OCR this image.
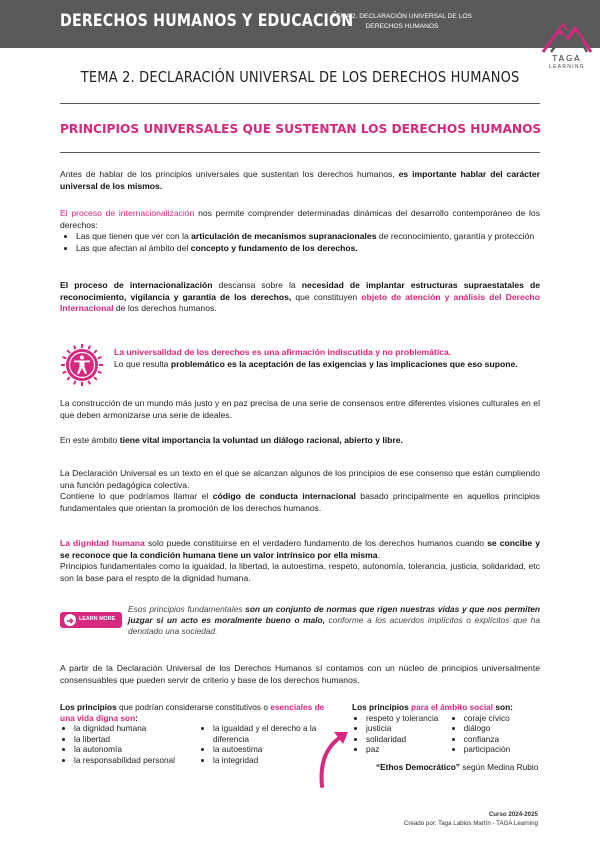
DERECHOS HUMANOS Y EDUCACIÓN
TEMA 2. DECLARACIÓN UNIVERSAL DE LOS DERECHOS HUMANOS
TAGA
LEARNING
TEMA 2. DECLARACIÓN UNIVERSAL DE LOS DERECHOS HUMANOS
PRINCIPIOS UNIVERSALES QUE SUSTENTAN LOS DERECHOS HUMANOS
Antes de hablar de los principios universales que sustentan los derechos humanos, es importante hablar del carácter universal de los mismos.

El proceso de internacionalización nos permite comprender determinadas dinámicas del desarrollo contemporáneo de los derechos:

• Las que tienen que ver con la articulación de mecanismos supranacionales de reconocimiento, garantía y protección
• Las que afectan al ámbito del concepto y fundamento de los derechos.
El proceso de internacionalización descansa sobre la necesidad de implantar estructuras supraestatales de reconocimiento, vigilancia y garantía de los derechos, que constituyen objeto de atención y análisis del Derecho Internacional de los derechos humanos.

La universalidad de los derechos es una afirmación indiscutida y no problemática.

Lo que resulta problemático es la aceptación de las exigencias y las implicaciones que eso supone.

La construcción de un mundo más justo y en paz precisa de una serie de consensos entre diferentes visiones culturales en el que deben armonizarse una serie de ideales.
En este ámbito tiene vital importancia la voluntad un diálogo racional, abierto y libre.

La Declaración Universal es un texto en el que se alcanzan algunos de los principios de ese consenso que están cumpliendo una función pedagógica colectiva.

Contiene lo que podríamos llamar el código de conducta internacional basado principalmente en aquellos principios fundamentales que orientan la promoción de los derechos humanos.

La dignidad humana solo puede constituirse en el verdadero fundamento de los derechos humanos cuando se concibe y se reconoce que la condición humana tiene un valor intrínsico por ella misma.

Principios fundamentales como la igualdad, la libertad, la autoestima, respeto, autonomía, tolerancia, justicia, solidaridad, etc son la base para el respto de la dignidad humana.

LEARN MORE
Esos principios fundamentales son un conjunto de normas que rigen nuestras vidas y que nos permiten juzgar si un acto es moralmente bueno o malo, conforme a los acuerdos implícitos o explícitos que ha denotado una sociedad.
A partir de la Declaración Universal de los Derechos Humanos sí contamos con un núcleo de principios universalmente consensuables que pueden servir de criterio y base de los derechos humanos.
Los principios que podrían considerarse constitutivos o esenciales de una vida digna son:
• la dignidad humana
• la libertad
• la autonomía
• la responsabilidad personal
• la igualdad y el derecho a la diferencia
• la autoestima
• la integridad
Los principios para el ámbito social son:
• respeto y tolerancia
• justicia
• solidaridad
• paz
• coraje cívico
• diálogo
• confianza
• participación
“Ethos Democrático” según Medina Rubio
Curso 2024-2025
Creado por: Taga Labios Martín - TAGA Learning
